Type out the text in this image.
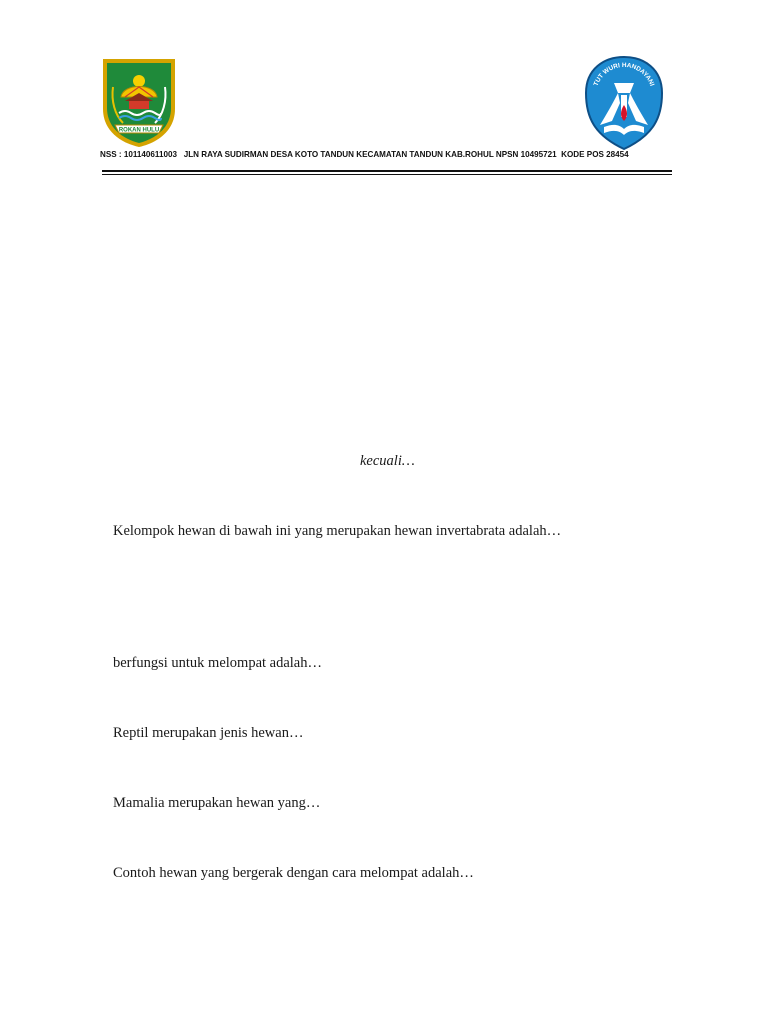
ROKAN HULU
TUT WURI HANDAYANI
NSS : 101140611003   JLN RAYA SUDIRMAN DESA KOTO TANDUN KECAMATAN TANDUN KAB.ROHUL NPSN 10495721  KODE POS 28454
kecuali…
Kelompok hewan di bawah ini yang merupakan hewan invertabrata adalah…
berfungsi untuk melompat adalah…
Reptil merupakan jenis hewan…
Mamalia merupakan hewan yang…
Contoh hewan yang bergerak dengan cara melompat adalah…
